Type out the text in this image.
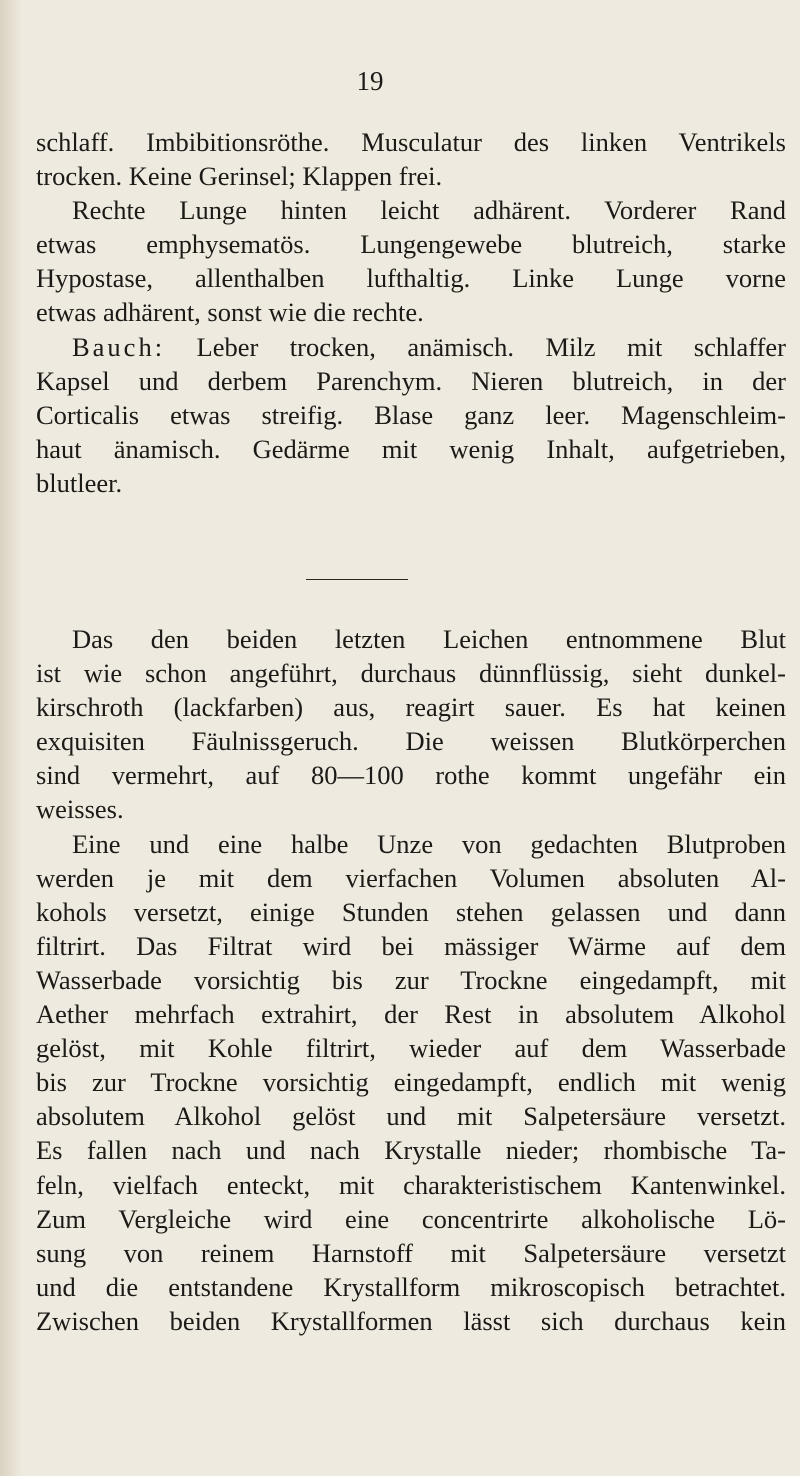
19
schlaff. Imbibitionsröthe. Musculatur des linken Ventrikels
trocken. Keine Gerinsel; Klappen frei.
Rechte Lunge hinten leicht adhärent. Vorderer Rand
etwas emphysematös. Lungengewebe blutreich, starke
Hypostase, allenthalben lufthaltig. Linke Lunge vorne
etwas adhärent, sonst wie die rechte.
Bauch: Leber trocken, anämisch. Milz mit schlaffer
Kapsel und derbem Parenchym. Nieren blutreich, in der
Corticalis etwas streifig. Blase ganz leer. Magenschleim-
haut änamisch. Gedärme mit wenig Inhalt, aufgetrieben,
blutleer.
Das den beiden letzten Leichen entnommene Blut
ist wie schon angeführt, durchaus dünnflüssig, sieht dunkel-
kirschroth (lackfarben) aus, reagirt sauer. Es hat keinen
exquisiten Fäulnissgeruch. Die weissen Blutkörperchen
sind vermehrt, auf 80—100 rothe kommt ungefähr ein
weisses.
Eine und eine halbe Unze von gedachten Blutproben
werden je mit dem vierfachen Volumen absoluten Al-
kohols versetzt, einige Stunden stehen gelassen und dann
filtrirt. Das Filtrat wird bei mässiger Wärme auf dem
Wasserbade vorsichtig bis zur Trockne eingedampft, mit
Aether mehrfach extrahirt, der Rest in absolutem Alkohol
gelöst, mit Kohle filtrirt, wieder auf dem Wasserbade
bis zur Trockne vorsichtig eingedampft, endlich mit wenig
absolutem Alkohol gelöst und mit Salpetersäure versetzt.
Es fallen nach und nach Krystalle nieder; rhombische Ta-
feln, vielfach enteckt, mit charakteristischem Kantenwinkel.
Zum Vergleiche wird eine concentrirte alkoholische Lö-
sung von reinem Harnstoff mit Salpetersäure versetzt
und die entstandene Krystallform mikroscopisch betrachtet.
Zwischen beiden Krystallformen lässt sich durchaus kein
